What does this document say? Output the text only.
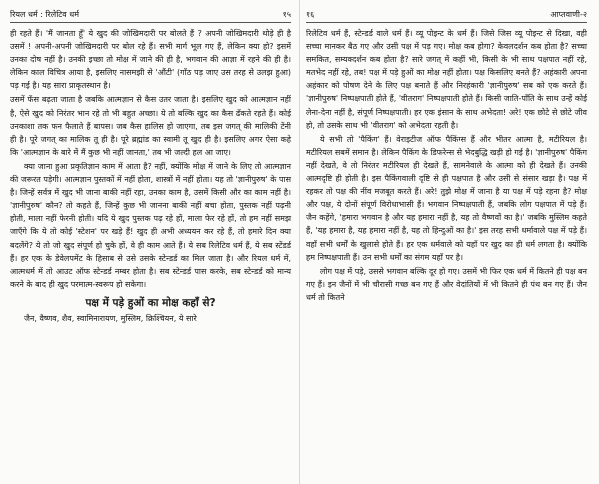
रियल धर्म : रिलेटिव धर्म	१५

ही रहते हैं। 'मैं जानता हूँ' ये खुद की जोखिमदारी पर बोलते हैं ? अपनी जोखिमदारी थोड़े ही है उसमें ! अपनी-अपनी जोखिमदारी पर बोल रहे हैं। सभी मार्ग भूल गए हैं, लेकिन क्या हो? इसमें उनका दोष नहीं है। उनकी इच्छा तो मोक्ष में जाने की ही है, भगवान की आज्ञा में रहने की ही है। लेकिन काल विचित्र आया है, इसलिए नासमझी से 'औंटी' (गाँठ पड़ जाए उस तरह से उलझ हुआ) पड़ गई है। यह सारा प्राकृतस्थान है।

उसमें फँस बढ़ता जाता है जबकि आत्मज्ञान से कैस उतर जाता है। इसलिए खुद को आत्मज्ञान नहीं है, ऐसे खुद को निरंतर भान रहे तो भी बहुत अच्छा। ये तो बल्कि खुद का कैस ढँकते रहते हैं। कोई उनकाशा तक फन फैलाते हैं बापस। जब कैस हालिस हो जाएगा, तब इस जगत् की मालिकी टेंनी ही है। पूरे जगत् का मालिक तू ही है। पूरे ब्रह्मांड का स्वामी तू खुद ही है। इसलिए अगर ऐसा कहे कि 'आत्मज्ञान के बारे में मैं कुछ भी नहीं जानता,' तब भी जल्दी हल आ जाए।

क्या जाना हुआ प्रकृतिज्ञान काम में आता है? नहीं, क्योंकि मोक्ष में जाने के लिए तो आत्मज्ञान की जरूरत पड़ेगी। आत्मज्ञान पुस्तकों में नहीं होता, शास्त्रों में नहीं होता। यह तो 'ज्ञानीपुरुष' के पास है। जिन्हें सर्वत्र में खुद भी जाना बाकी नहीं रहा, उनका काम है, उसमें किसी और का काम नहीं है। 'ज्ञानीपुरुष' कौन? तो कहते हैं, जिन्हें कुछ भी जानना बाकी नहीं बचा होता, पुस्तक नहीं पढ़नी होती, माला नहीं फेरनी होती। यदि ये खुद पुस्तक पढ़ रहे हों, माला फेर रहे हों, तो हम नहीं समझ जाएँगे कि ये तो कोई 'स्टेशन' पर खड़े हैं! खुद ही अभी अध्ययन कर रहे हैं, तो हमारे दिन क्या बदलेंगे? ये तो जो खुद संपूर्ण हो चुके हों, वे ही काम आते हैं। ये सब रिलेटिव धर्म हैं, ये सब स्टेंडर्ड हैं। हर एक के डेवेलपमेंट के हिसाब से उसे उसके स्टेन्डर्ड का मिल जाता है। और रियल धर्म में, आत्मधर्म में तो आउट ऑफ स्टेन्डर्ड नम्बर होता है। सब स्टेन्डर्ड पास करके, सब स्टेन्डर्ड को मान्य करने के बाद ही खुद परमात्म-स्वरूप हो सकेगा।

पक्ष में पड़े हुओं का मोक्ष कहाँ से?

जैन, वैष्णव, शैव, स्वामिनारायण, मुस्लिम, क्रिश्चियन, ये सारे

१६	आप्तवाणी-२

रिलेटिव धर्म हैं, स्टेन्डर्ड वाले धर्म हैं। व्यू पोइन्ट के धर्म हैं। जिसे जिस व्यू पोइन्ट से दिखा, वही सच्चा मानकर बैठ गए और उसी पक्ष में पड़ गए। मोक्ष कब होगा? केवलदर्शन कब होता है? सच्चा समकित, सम्यक्दर्शन कब होता है? सारे जगत् में कहीं भी, किसी के भी साथ पक्षपात नहीं रहे, मतभेद नहीं रहे, तब! पक्ष में पड़े हुओं का मोक्ष नहीं होता। पक्ष किसलिए बनते हैं? अहंकारी अपना अहंकार को पोषण देने के लिए पक्ष बनाते हैं और निरहंकारी 'ज्ञानीपुरुष' सब को एक करते हैं। 'ज्ञानीपुरुष' निष्पक्षपाती होते हैं, 'वीतराग' निष्पक्षपाती होते हैं। किसी जाति-पाँति के साथ उन्हें कोई लेना-देना नहीं है, संपूर्ण निष्पक्षपाती। हर एक इंसान के साथ अभेदता! अरे! एक छोटे से छोटे जीव हो, तो उसके साथ भी 'वीतराग' को अभेदता रहती है।

ये सभी तो 'पैकिंग' हैं। वेराइटीज ऑफ पैकिंग्स हैं और भीतर आत्मा है, मटीरियल है। मटीरियल सबमें समान है। लेकिन पैकिंग के डिफरेन्स से भेदबुद्धि खड़ी हो गई है। 'ज्ञानीपुरुष' पैकिंग नहीं देखते, वे तो निरंतर मटीरियल ही देखते हैं, सामनेवाले के आत्मा को ही देखते हैं। उनकी आत्मदृष्टि ही होती है। इस पैकिंगवाली दृष्टि से ही पक्षपात है और उसी से संसार खड़ा है। पक्ष में रहकर तो पक्ष की नींव मजबूत करते हैं। अरे! तुझे मोक्ष में जाना है या पक्ष में पड़े रहना है? मोक्ष और पक्ष, ये दोनों संपूर्ण विरोधाभासी हैं। भगवान निष्पक्षपाती हैं, जबकि लोग पक्षपात में पड़े हैं। जैन कहेंगे, 'हमारा भगवान है और यह हमारा नहीं है, यह तो वैष्णवों का है।' जबकि मुस्लिम कहते हैं, 'यह हमारा है, यह हमारा नहीं है, यह तो हिन्दुओं का है।' इस तरह सभी धर्मावाले पक्ष में पड़े हैं। वहाँ सभी धर्मों के खुलासे होते हैं। हर एक धर्मवाले को यहाँ पर खुद का ही धर्म लगता है। क्योंकि हम निष्पक्षपाती हैं। उन सभी धर्मों का संगम यहाँ पर है।

लोग पक्ष में पड़े, उससे भगवान बल्कि दूर हो गए। उसमें भी फिर एक धर्म में कितने ही पक्ष बन गए हैं। इन जैनों में भी चौरासी गच्छ बन गए हैं और वेदांतियों में भी कितने ही पंथ बन गए हैं। जैन धर्म तो कितने
